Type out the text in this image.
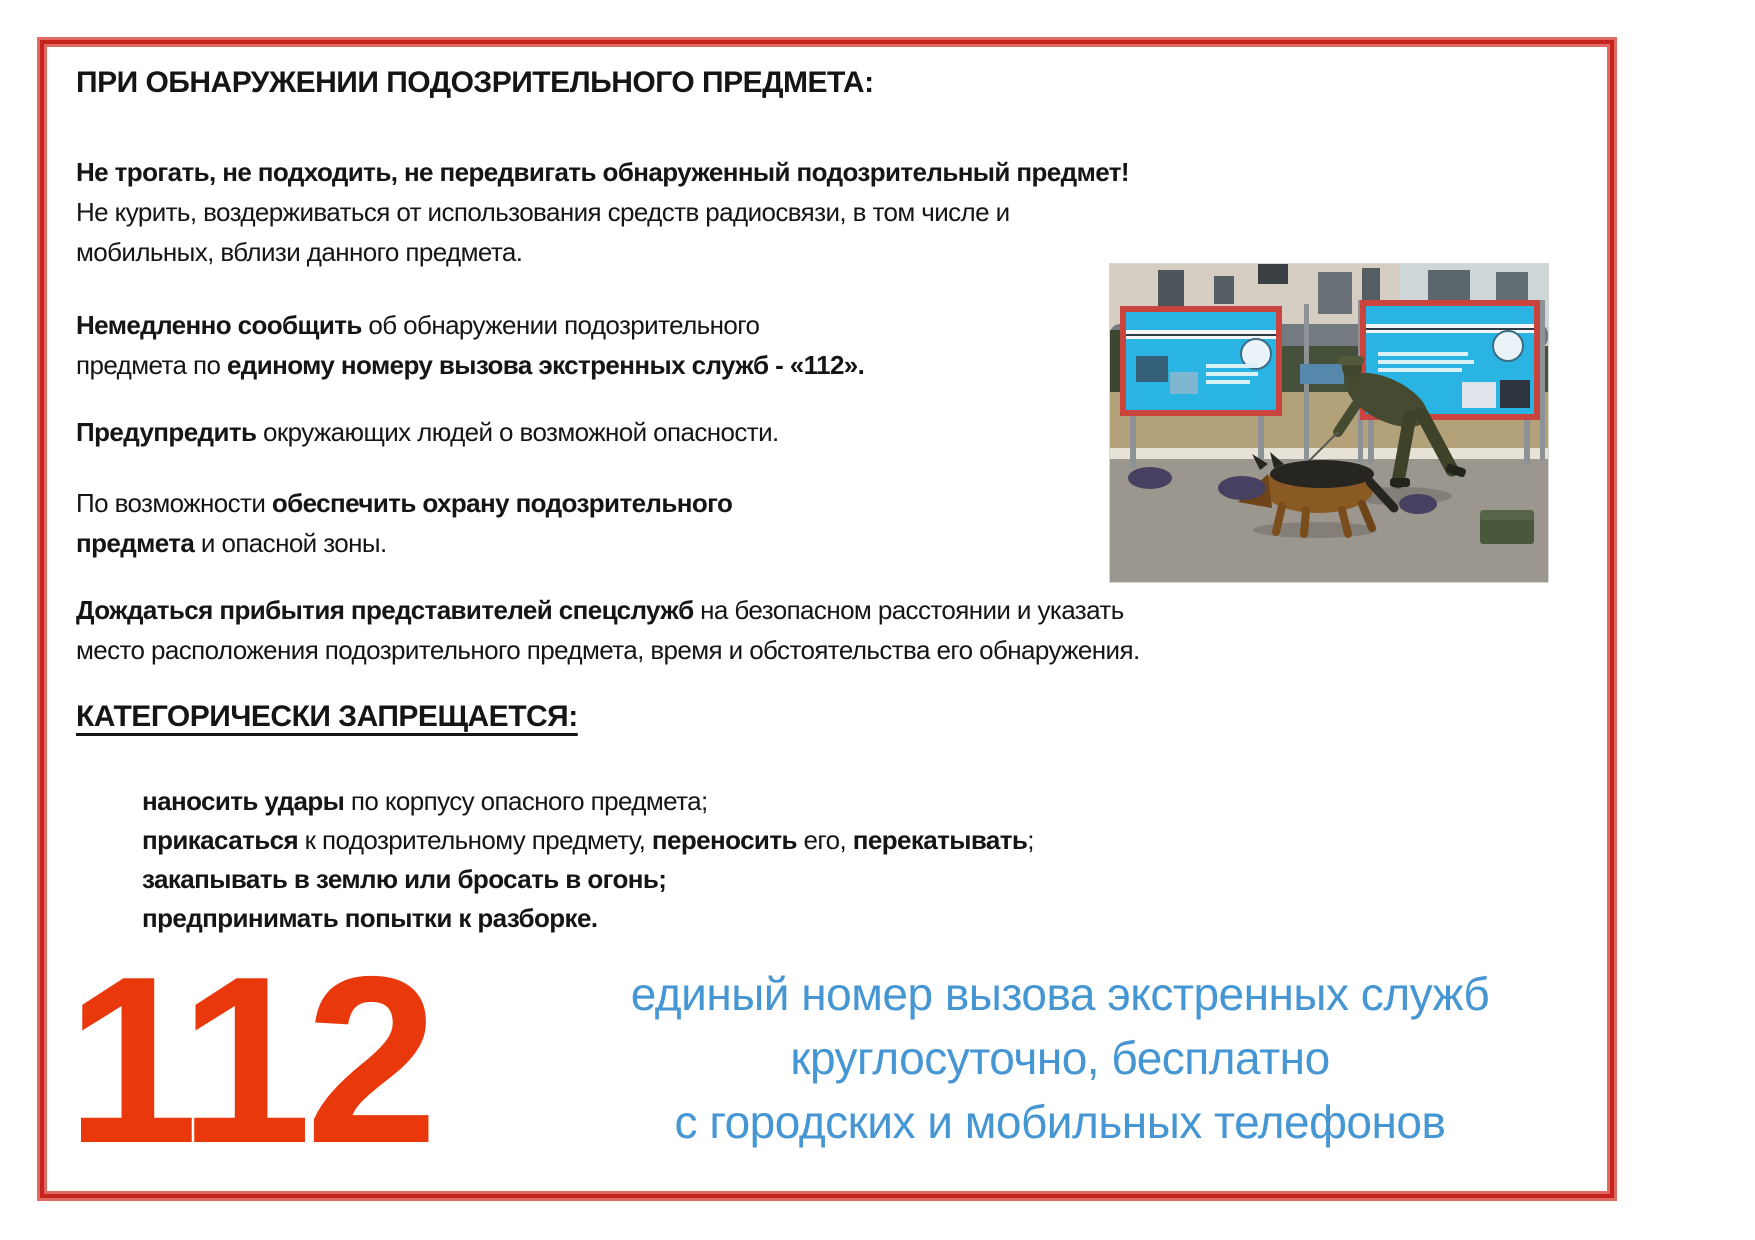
ПРИ ОБНАРУЖЕНИИ ПОДОЗРИТЕЛЬНОГО ПРЕДМЕТА:
Не трогать, не подходить, не передвигать обнаруженный подозрительный предмет!
Не курить, воздерживаться от использования средств радиосвязи, в том числе и
мобильных, вблизи данного предмета.
Немедленно сообщить об обнаружении подозрительного
предмета по единому номеру вызова экстренных служб - «112».
Предупредить окружающих людей о возможной опасности.
По возможности обеспечить охрану подозрительного
предмета и опасной зоны.
Дождаться прибытия представителей спецслужб на безопасном расстоянии и указать
место расположения подозрительного предмета, время и обстоятельства его обнаружения.
КАТЕГОРИЧЕСКИ ЗАПРЕЩАЕТСЯ:
наносить удары по корпусу опасного предмета;
прикасаться к подозрительному предмету, переносить его, перекатывать;
закапывать в землю или бросать в огонь;
предпринимать попытки к разборке.
112	единый номер вызова экстренных служб
круглосуточно, бесплатно
с городских и мобильных телефонов
